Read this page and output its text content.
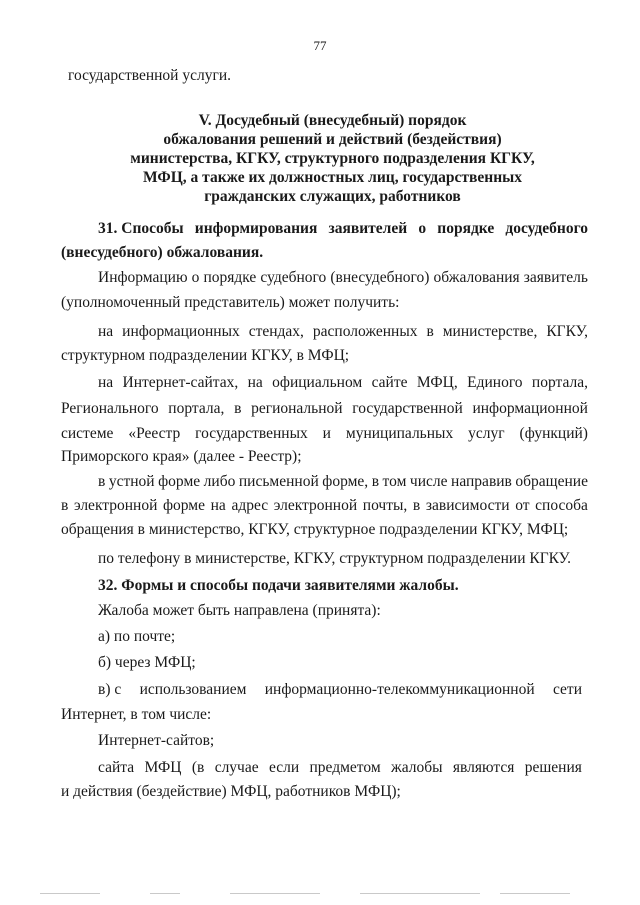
77
государственной услуги.
V. Досудебный (внесудебный) порядок
обжалования решений и действий (бездействия)
министерства, КГКУ, структурного подразделения КГКУ,
МФЦ, а также их должностных лиц, государственных
гражданских служащих, работников
31. Способы информирования заявителей о порядке досудебного
(внесудебного) обжалования.
Информацию о порядке судебного (внесудебного) обжалования заявитель
(уполномоченный представитель) может получить:
на информационных стендах, расположенных в министерстве, КГКУ,
структурном подразделении КГКУ, в МФЦ;
на Интернет-сайтах, на официальном сайте МФЦ, Единого портала,
Регионального портала, в региональной государственной информационной
системе «Реестр государственных и муниципальных услуг (функций)
Приморского края» (далее - Реестр);
в устной форме либо письменной форме, в том числе направив обращение
в электронной форме на адрес электронной почты, в зависимости от способа
обращения в министерство, КГКУ, структурное подразделении КГКУ, МФЦ;
по телефону в министерстве, КГКУ, структурном подразделении КГКУ.
32. Формы и способы подачи заявителями жалобы.
Жалоба может быть направлена (принята):
а) по почте;
б) через МФЦ;
в) с использованием информационно-телекоммуникационной сети
Интернет, в том числе:
Интернет-сайтов;
сайта МФЦ (в случае если предметом жалобы являются решения
и действия (бездействие) МФЦ, работников МФЦ);
